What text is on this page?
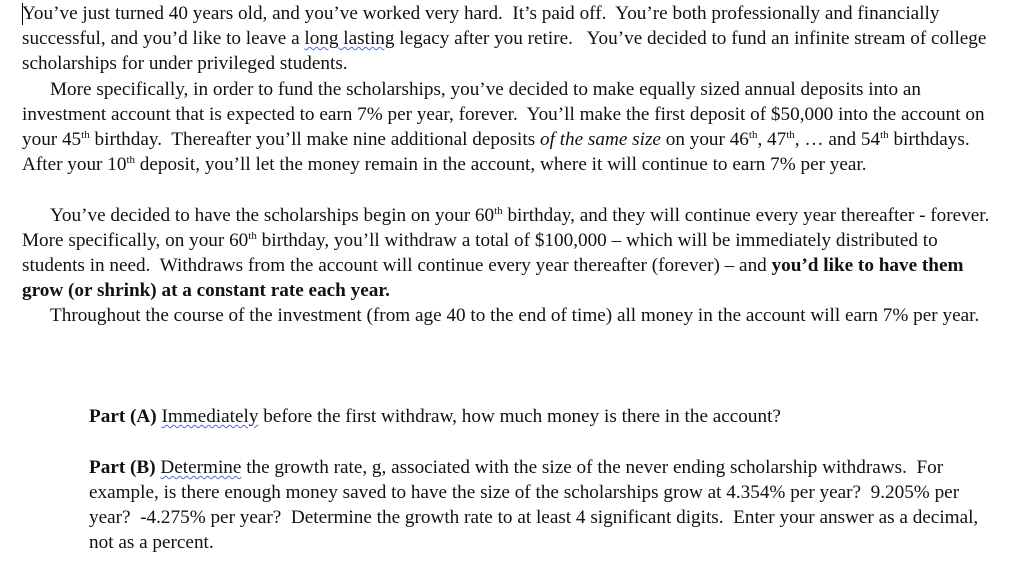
You’ve just turned 40 years old, and you’ve worked very hard.  It’s paid off.  You’re both professionally and financially successful, and you’d like to leave a long lasting legacy after you retire.   You’ve decided to fund an infinite stream of college scholarships for under privileged students.

More specifically, in order to fund the scholarships, you’ve decided to make equally sized annual deposits into an investment account that is expected to earn 7% per year, forever.  You’ll make the first deposit of $50,000 into the account on your 45th birthday.  Thereafter you’ll make nine additional deposits of the same size on your 46th, 47th, … and 54th birthdays.   After your 10th deposit, you’ll let the money remain in the account, where it will continue to earn 7% per year.

You’ve decided to have the scholarships begin on your 60th birthday, and they will continue every year thereafter - forever.  More specifically, on your 60th birthday, you’ll withdraw a total of $100,000 – which will be immediately distributed to students in need.  Withdraws from the account will continue every year thereafter (forever) – and you’d like to have them grow (or shrink) at a constant rate each year.

Throughout the course of the investment (from age 40 to the end of time) all money in the account will earn 7% per year.

Part (A) Immediately before the first withdraw, how much money is there in the account?

Part (B) Determine the growth rate, g, associated with the size of the never ending scholarship withdraws.  For example, is there enough money saved to have the size of the scholarships grow at 4.354% per year?  9.205% per year?  -4.275% per year?  Determine the growth rate to at least 4 significant digits.  Enter your answer as a decimal, not as a percent.
